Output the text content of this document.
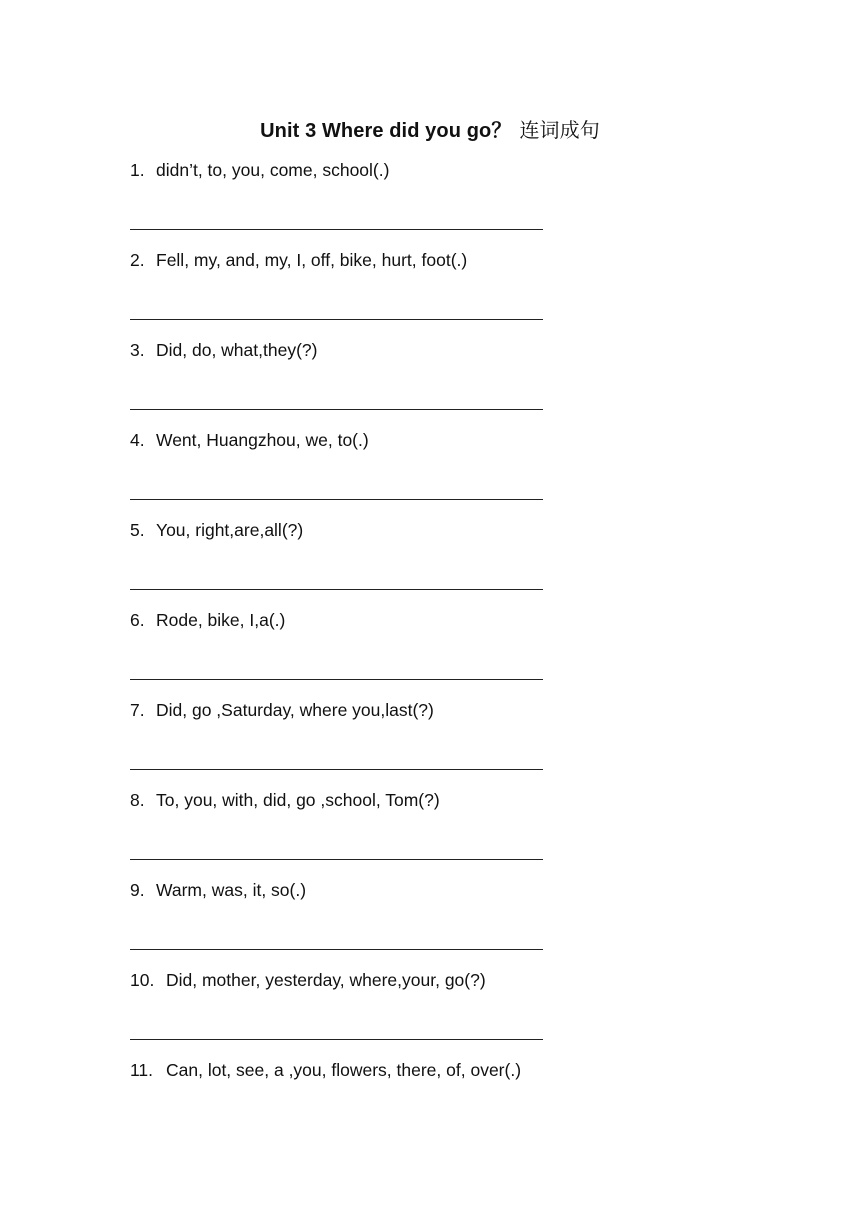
Unit 3 Where did you go？ 连词成句
1. didn’t, to, you, come, school(.)
2. Fell, my, and, my, I, off, bike, hurt, foot(.)
3. Did, do, what,they(?)
4. Went, Huangzhou, we, to(.)
5. You, right,are,all(?)
6. Rode, bike, I,a(.)
7. Did, go ,Saturday, where you,last(?)
8. To, you, with, did, go ,school, Tom(?)
9. Warm, was, it, so(.)
10. Did, mother, yesterday, where,your, go(?)
11. Can, lot, see, a ,you, flowers, there, of, over(.)
